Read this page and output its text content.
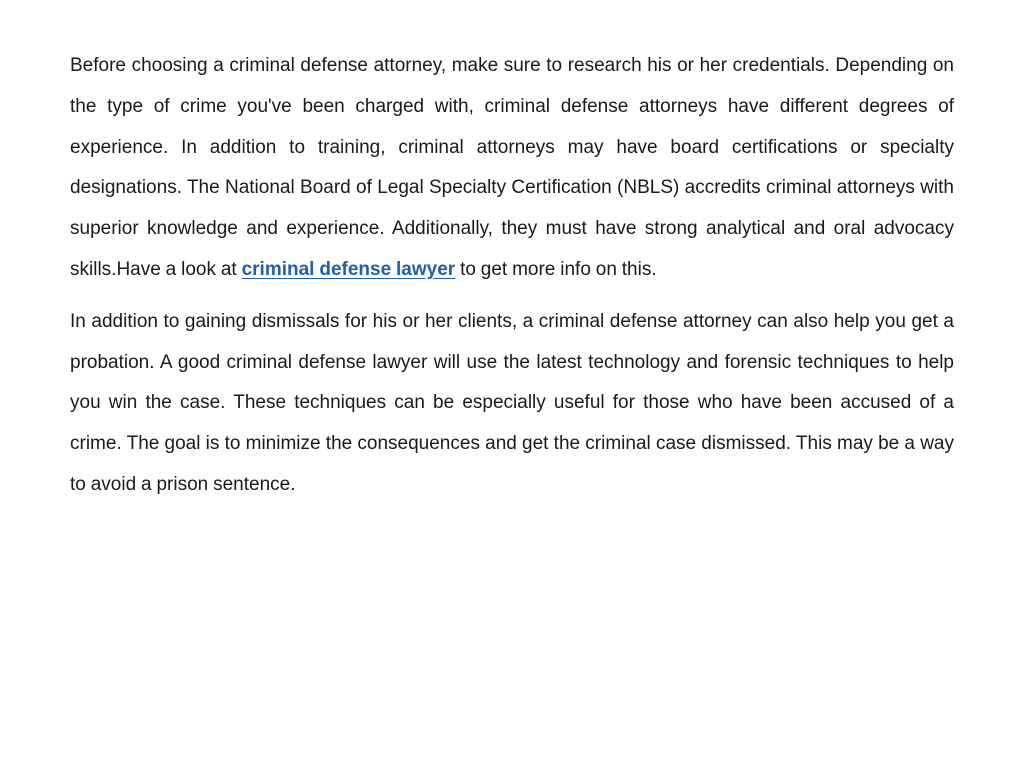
Before choosing a criminal defense attorney, make sure to research his or her credentials. Depending on the type of crime you've been charged with, criminal defense attorneys have different degrees of experience. In addition to training, criminal attorneys may have board certifications or specialty designations. The National Board of Legal Specialty Certification (NBLS) accredits criminal attorneys with superior knowledge and experience. Additionally, they must have strong analytical and oral advocacy skills.Have a look at criminal defense lawyer to get more info on this.

In addition to gaining dismissals for his or her clients, a criminal defense attorney can also help you get a probation. A good criminal defense lawyer will use the latest technology and forensic techniques to help you win the case. These techniques can be especially useful for those who have been accused of a crime. The goal is to minimize the consequences and get the criminal case dismissed. This may be a way to avoid a prison sentence.
